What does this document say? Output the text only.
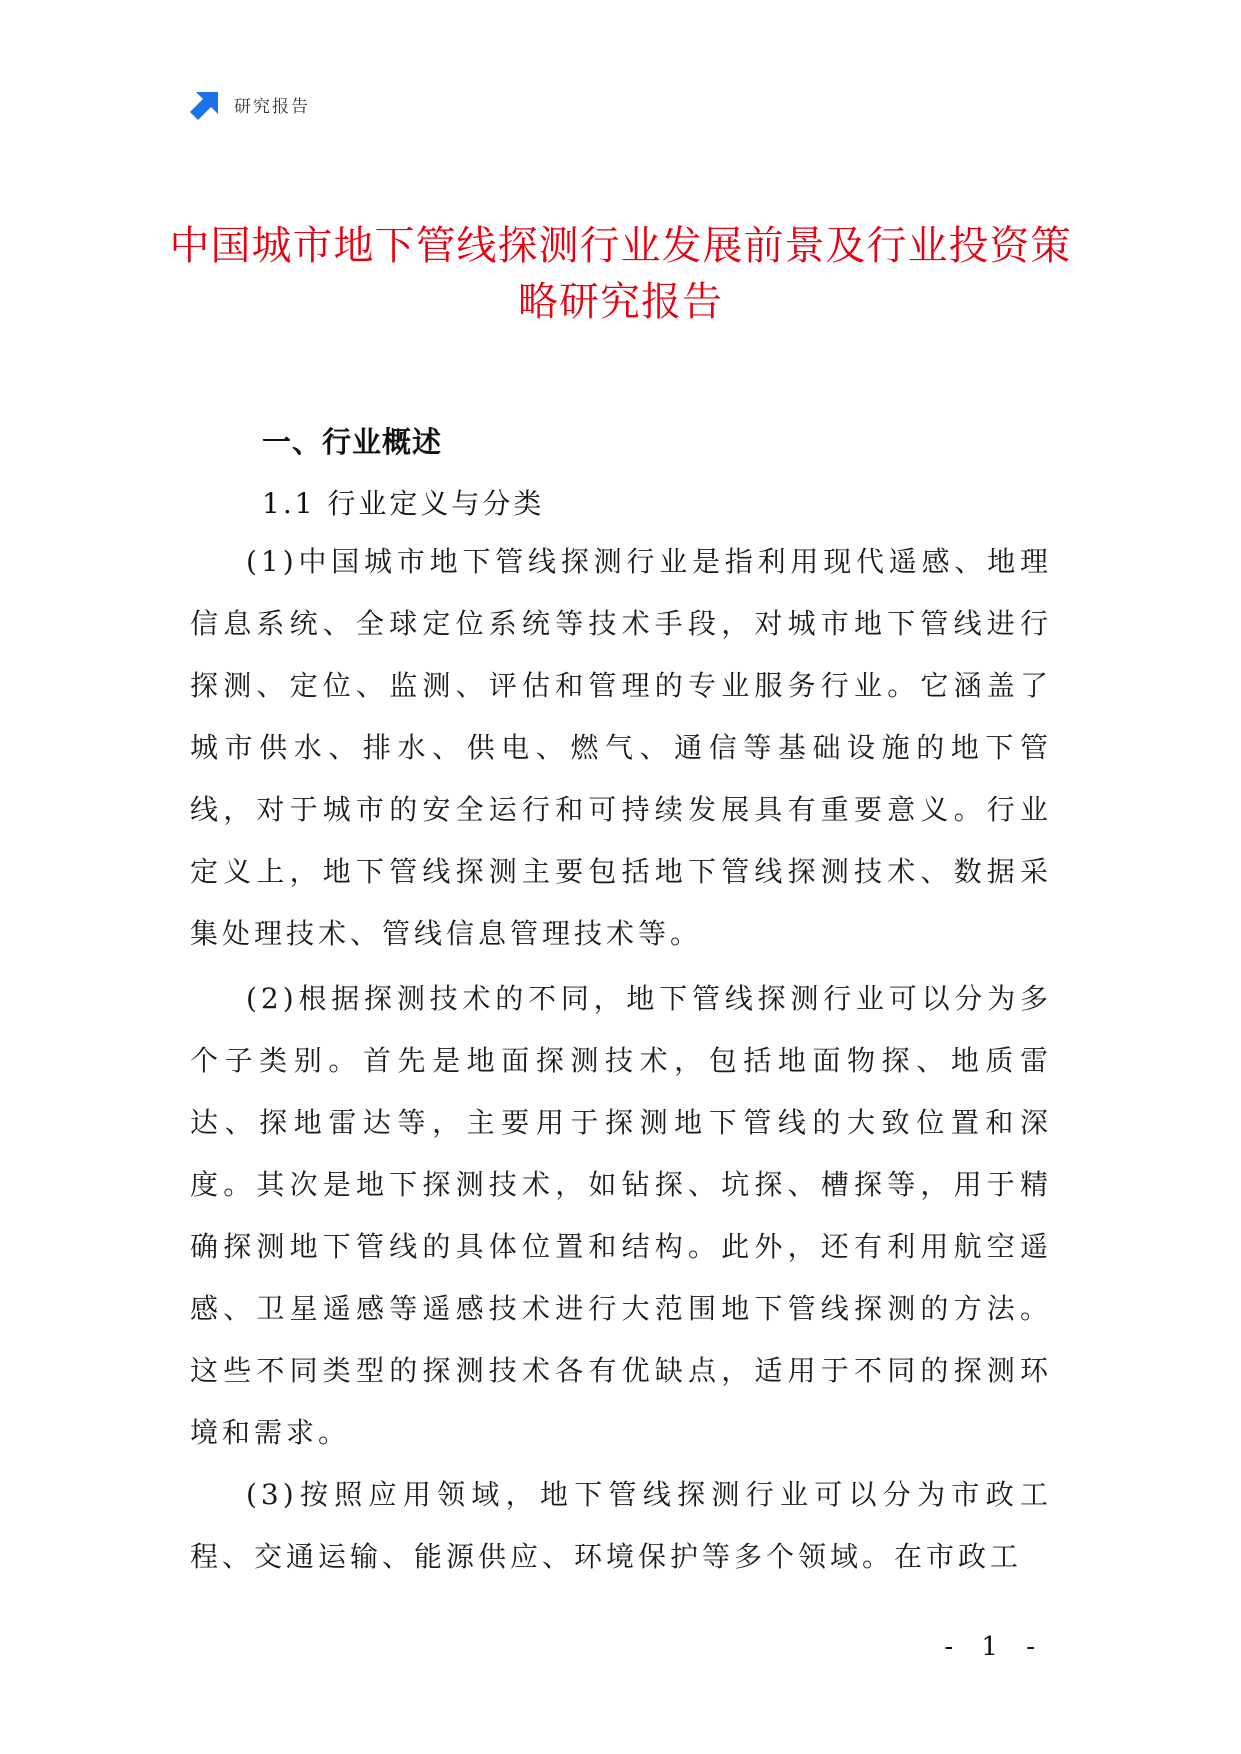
研究报告
中国城市地下管线探测行业发展前景及行业投资策略研究报告
一、行业概述
1.1 行业定义与分类

(1)中国城市地下管线探测行业是指利用现代遥感、地理信息系统、全球定位系统等技术手段，对城市地下管线进行探测、定位、监测、评估和管理的专业服务行业。它涵盖了城市供水、排水、供电、燃气、通信等基础设施的地下管线，对于城市的安全运行和可持续发展具有重要意义。行业定义上，地下管线探测主要包括地下管线探测技术、数据采集处理技术、管线信息管理技术等。

(2)根据探测技术的不同，地下管线探测行业可以分为多个子类别。首先是地面探测技术，包括地面物探、地质雷达、探地雷达等，主要用于探测地下管线的大致位置和深度。其次是地下探测技术，如钻探、坑探、槽探等，用于精确探测地下管线的具体位置和结构。此外，还有利用航空遥感、卫星遥感等遥感技术进行大范围地下管线探测的方法。这些不同类型的探测技术各有优缺点，适用于不同的探测环境和需求。

(3)按照应用领域，地下管线探测行业可以分为市政工程、交通运输、能源供应、环境保护等多个领域。在市政工

- 1 -
